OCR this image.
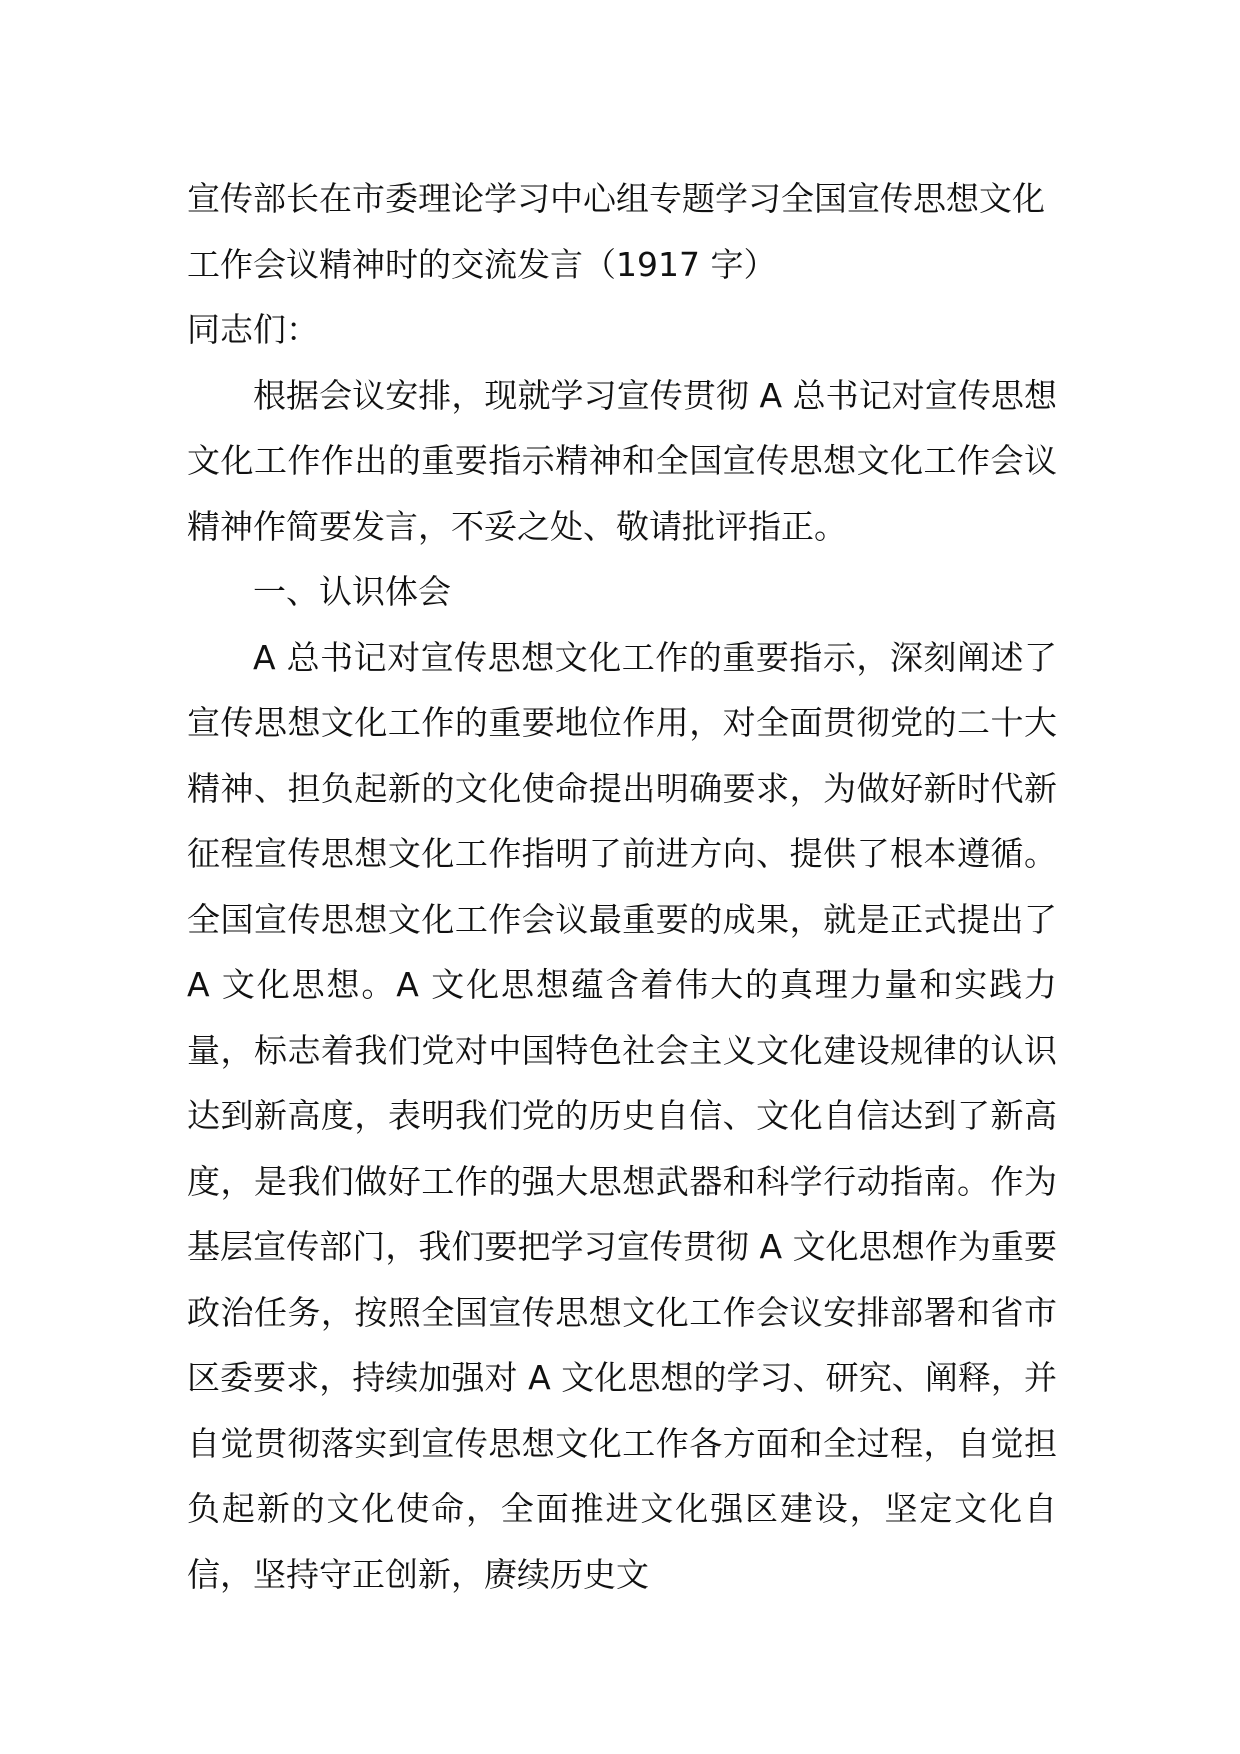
宣传部长在市委理论学习中心组专题学习全国宣传思想文化工作会议精神时的交流发言（1917 字）

同志们：

根据会议安排，现就学习宣传贯彻 A 总书记对宣传思想文化工作作出的重要指示精神和全国宣传思想文化工作会议精神作简要发言，不妥之处、敬请批评指正。

一、认识体会

A 总书记对宣传思想文化工作的重要指示，深刻阐述了宣传思想文化工作的重要地位作用，对全面贯彻党的二十大精神、担负起新的文化使命提出明确要求，为做好新时代新征程宣传思想文化工作指明了前进方向、提供了根本遵循。全国宣传思想文化工作会议最重要的成果，就是正式提出了 A 文化思想。A 文化思想蕴含着伟大的真理力量和实践力量，标志着我们党对中国特色社会主义文化建设规律的认识达到新高度，表明我们党的历史自信、文化自信达到了新高度，是我们做好工作的强大思想武器和科学行动指南。作为基层宣传部门，我们要把学习宣传贯彻 A 文化思想作为重要政治任务，按照全国宣传思想文化工作会议安排部署和省市区委要求，持续加强对 A 文化思想的学习、研究、阐释，并自觉贯彻落实到宣传思想文化工作各方面和全过程，自觉担负起新的文化使命，全面推进文化强区建设，坚定文化自信，坚持守正创新，赓续历史文
